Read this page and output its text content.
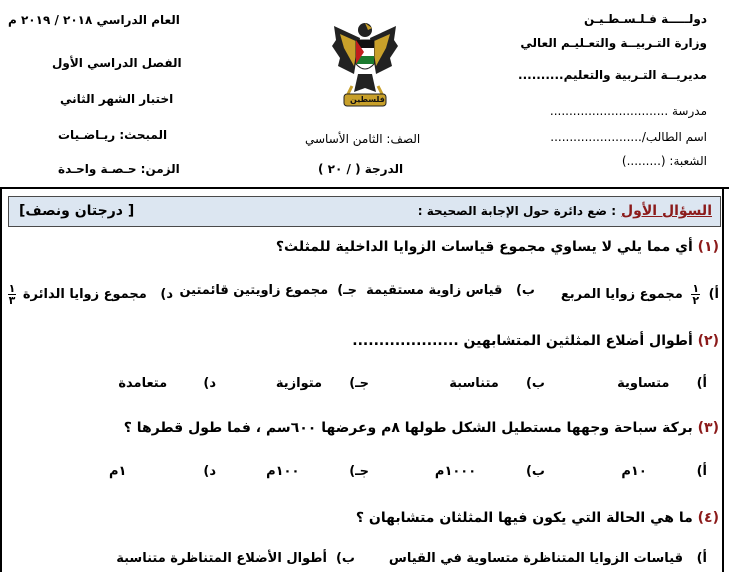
دولـــــة فـلـسـطـيـن
وزارة التـربيــة والتعـليـم العالي
مديريــة التـربية والتعليم..........
مدرسة ...............................
اسم الطالب/........................
الشعبة: (.........)
فلسطين
الصف: الثامن الأساسي
الدرجة ( / ٢٠ )
العام الدراسي ٢٠١٨ / ٢٠١٩ م
الفصل الدراسي الأول
اختبار الشهر الثاني
المبحث: ريـاضـيات
الزمن: حـصـة واحـدة
السؤال الأول
: ضع دائرة حول الإجابة الصحيحة :
[ درجتان ونصف]
(١) أي مما يلي لا يساوي مجموع قياسات الزوايا الداخلية للمثلث؟
أ)
١
٢
مجموع زوايا المربع
ب)   قياس زاوية مستقيمة
جـ)  مجموع زاويتين قائمتين
د)   مجموع زوايا الدائرة
١
٣
(٢) أطوال أضلاع المثلثين المتشابهين ....................
أ)      متساوية
ب)      متناسبة
جـ)      متوازية
د)        متعامدة
(٣) بركة سباحة وجهها مستطيل الشكل طولها ٨م وعرضها ٦٠٠سم ، فما طول قطرها ؟
أ)           ١٠م
ب)           ١٠٠٠م
جـ)           ١٠٠م
د)                 ١م
(٤) ما هي الحالة التي يكون فيها المثلثان متشابهان ؟
أ)   قياسات الزوايا المتناظرة متساوية في القياس
ب)  أطوال الأضلاع المتناظرة متناسبة
